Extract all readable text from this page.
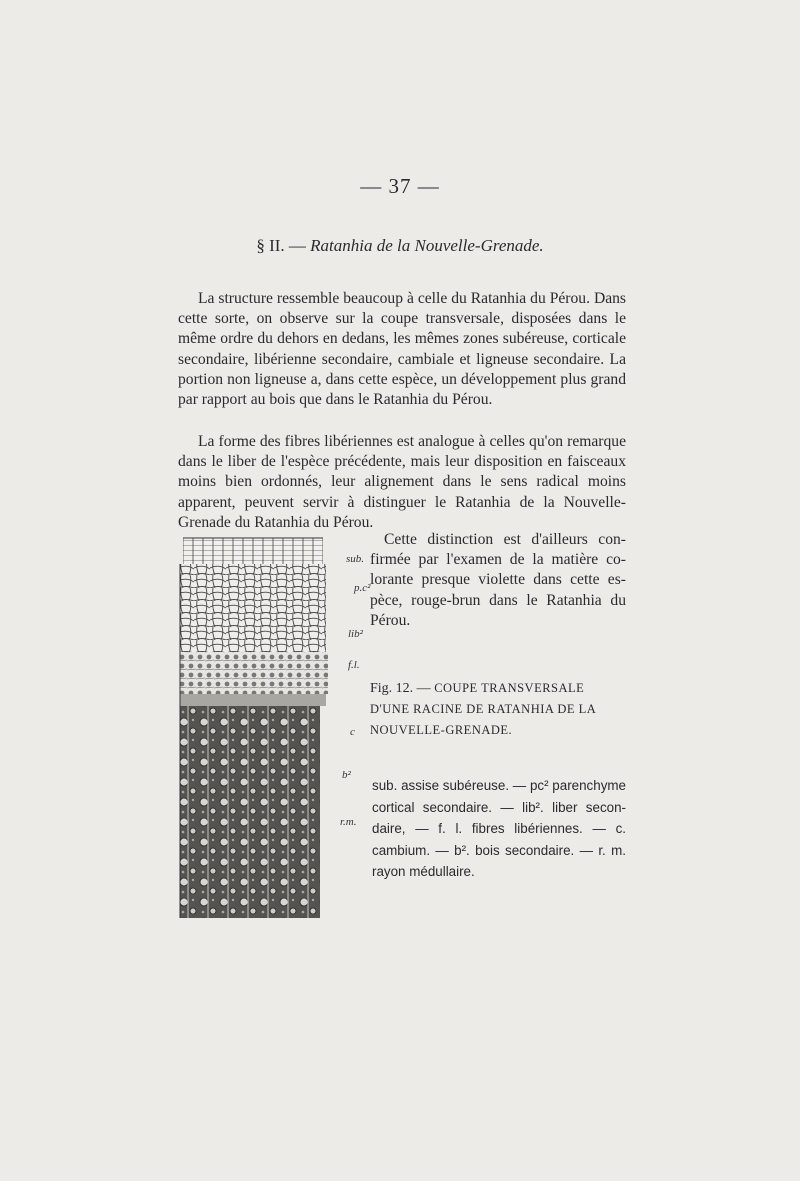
— 37 —
§ II. — Ratanhia de la Nouvelle-Grenade.

La structure ressemble beaucoup à celle du Ratanhia du Pérou. Dans cette sorte, on observe sur la coupe transversale, disposées dans le même ordre du dehors en dedans, les mêmes zones subéreuse, corticale secondaire, libérienne secondaire, cambiale et ligneuse secondaire. La portion non ligneuse a, dans cette espèce, un développement plus grand par rapport au bois que dans le Ratanhia du Pérou.

La forme des fibres libériennes est analogue à celles qu'on remarque dans le liber de l'espèce précédente, mais leur disposition en faisceaux moins bien ordonnés, leur alignement dans le sens radical moins apparent, peuvent servir à distinguer le Ratanhia de la Nouvelle-Grenade du Ratanhia du Pérou.

Cette distinction est d'ailleurs confirmée par l'examen de la matière colorante presque violette dans cette espèce, rouge-brun dans le Ratanhia du Pérou.

sub.
p.c²
lib²
f.l.
c
b²
r.m.
Fig. 12. — COUPE TRANSVERSALE D'UNE RACINE DE RATANHIA DE LA NOUVELLE-GRENADE.
sub. assise subéreuse. — pc² parenchyme cortical secondaire. — lib². liber secondaire, — f. l. fibres libériennes. — c. cambium. — b². bois secondaire. — r. m. rayon médullaire.
